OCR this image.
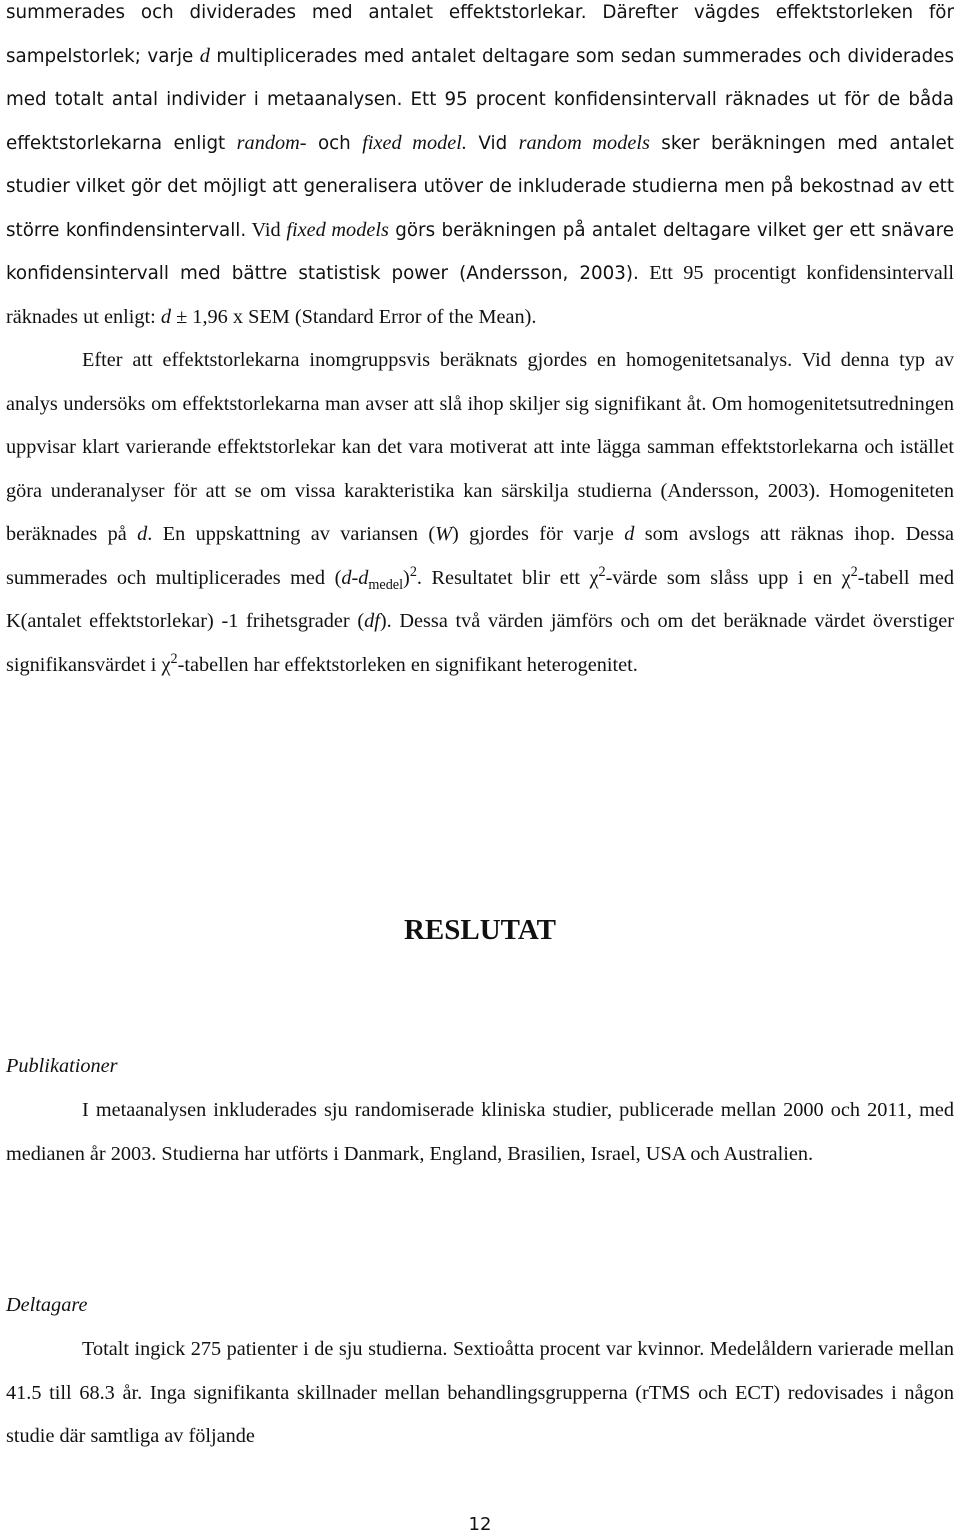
summerades och dividerades med antalet effektstorlekar. Därefter vägdes effektstorleken för sampelstorlek; varje d multiplicerades med antalet deltagare som sedan summerades och dividerades med totalt antal individer i metaanalysen. Ett 95 procent konfidensintervall räknades ut för de båda effektstorlekarna enligt random- och fixed model. Vid random models sker beräkningen med antalet studier vilket gör det möjligt att generalisera utöver de inkluderade studierna men på bekostnad av ett större konfindensintervall. Vid fixed models görs beräkningen på antalet deltagare vilket ger ett snävare konfidensintervall med bättre statistisk power (Andersson, 2003). Ett 95 procentigt konfidensintervall räknades ut enligt: d ± 1,96 x SEM (Standard Error of the Mean).

Efter att effektstorlekarna inomgruppsvis beräknats gjordes en homogenitetsanalys. Vid denna typ av analys undersöks om effektstorlekarna man avser att slå ihop skiljer sig signifikant åt. Om homogenitetsutredningen uppvisar klart varierande effektstorlekar kan det vara motiverat att inte lägga samman effektstorlekarna och istället göra underanalyser för att se om vissa karakteristika kan särskilja studierna (Andersson, 2003). Homogeniteten beräknades på d. En uppskattning av variansen (W) gjordes för varje d som avslogs att räknas ihop. Dessa summerades och multiplicerades med $(d-d_{medel})^2$. Resultatet blir ett $\chi^2$-värde som slåss upp i en $\chi^2$-tabell med K(antalet effektstorlekar) -1 frihetsgrader (df). Dessa två värden jämförs och om det beräknade värdet överstiger signifikansvärdet i $\chi^2$-tabellen har effektstorleken en signifikant heterogenitet.

RESLUTAT
Publikationer

I metaanalysen inkluderades sju randomiserade kliniska studier, publicerade mellan 2000 och 2011, med medianen år 2003. Studierna har utförts i Danmark, England, Brasilien, Israel, USA och Australien.

Deltagare

Totalt ingick 275 patienter i de sju studierna. Sextioåtta procent var kvinnor. Medelåldern varierade mellan 41.5 till 68.3 år. Inga signifikanta skillnader mellan behandlingsgrupperna (rTMS och ECT) redovisades i någon studie där samtliga av följande

12
